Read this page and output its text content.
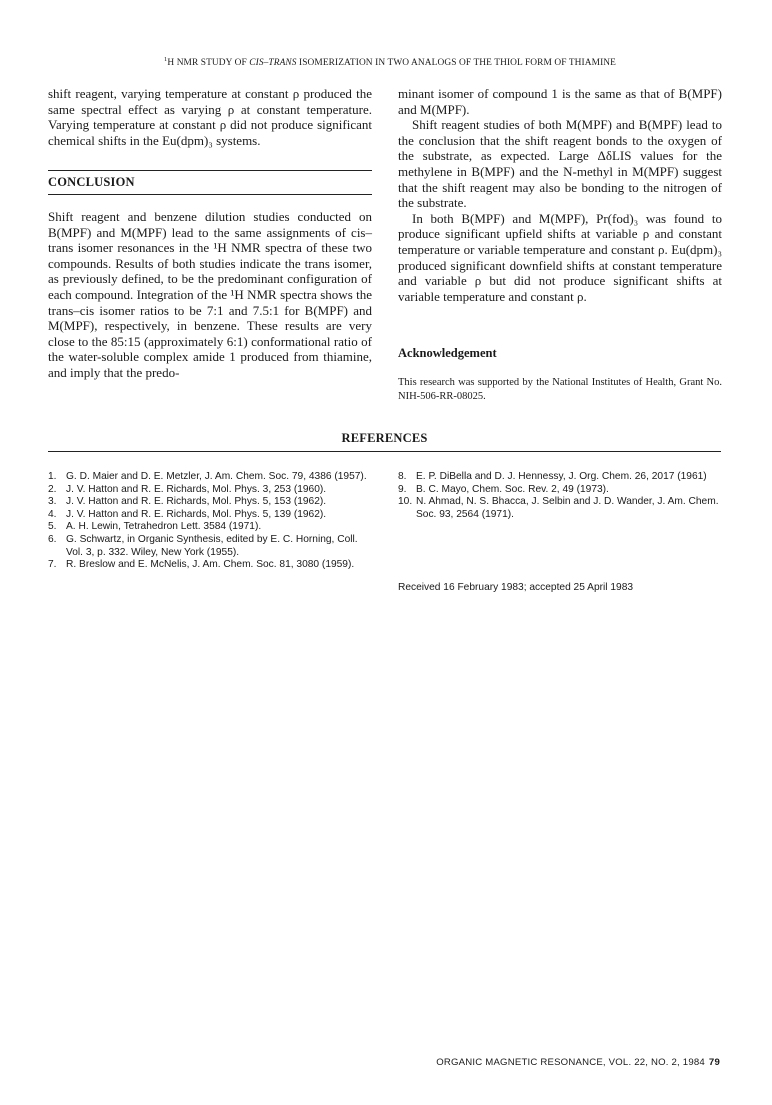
$^1$H NMR STUDY OF CIS–TRANS ISOMERIZATION IN TWO ANALOGS OF THE THIOL FORM OF THIAMINE

shift reagent, varying temperature at constant ρ produced the same spectral effect as varying ρ at constant temperature. Varying temperature at constant ρ did not produce significant chemical shifts in the Eu(dpm)₃ systems.

CONCLUSION

Shift reagent and benzene dilution studies conducted on B(MPF) and M(MPF) lead to the same assignments of cis–trans isomer resonances in the ¹H NMR spectra of these two compounds. Results of both studies indicate the trans isomer, as previously defined, to be the predominant configuration of each compound. Integration of the ¹H NMR spectra shows the trans–cis isomer ratios to be 7:1 and 7.5:1 for B(MPF) and M(MPF), respectively, in benzene. These results are very close to the 85:15 (approximately 6:1) conformational ratio of the water-soluble complex amide 1 produced from thiamine, and imply that the predo-

minant isomer of compound 1 is the same as that of B(MPF) and M(MPF).

Shift reagent studies of both M(MPF) and B(MPF) lead to the conclusion that the shift reagent bonds to the oxygen of the substrate, as expected. Large ΔδLIS values for the methylene in B(MPF) and the N-methyl in M(MPF) suggest that the shift reagent may also be bonding to the nitrogen of the substrate.

In both B(MPF) and M(MPF), Pr(fod)₃ was found to produce significant upfield shifts at variable ρ and constant temperature or variable temperature and constant ρ. Eu(dpm)₃ produced significant downfield shifts at constant temperature and variable ρ but did not produce significant shifts at variable temperature and constant ρ.

Acknowledgement
This research was supported by the National Institutes of Health, Grant No. NIH-506-RR-08025.
REFERENCES
1. G. D. Maier and D. E. Metzler, J. Am. Chem. Soc. 79, 4386 (1957).
2. J. V. Hatton and R. E. Richards, Mol. Phys. 3, 253 (1960).
3. J. V. Hatton and R. E. Richards, Mol. Phys. 5, 153 (1962).
4. J. V. Hatton and R. E. Richards, Mol. Phys. 5, 139 (1962).
5. A. H. Lewin, Tetrahedron Lett. 3584 (1971).
6. G. Schwartz, in Organic Synthesis, edited by E. C. Horning, Coll. Vol. 3, p. 332. Wiley, New York (1955).
7. R. Breslow and E. McNelis, J. Am. Chem. Soc. 81, 3080 (1959).
8. E. P. DiBella and D. J. Hennessy, J. Org. Chem. 26, 2017 (1961)
9. B. C. Mayo, Chem. Soc. Rev. 2, 49 (1973).
10. N. Ahmad, N. S. Bhacca, J. Selbin and J. D. Wander, J. Am. Chem. Soc. 93, 2564 (1971).
Received 16 February 1983; accepted 25 April 1983
ORGANIC MAGNETIC RESONANCE, VOL. 22, NO. 2, 1984 79
